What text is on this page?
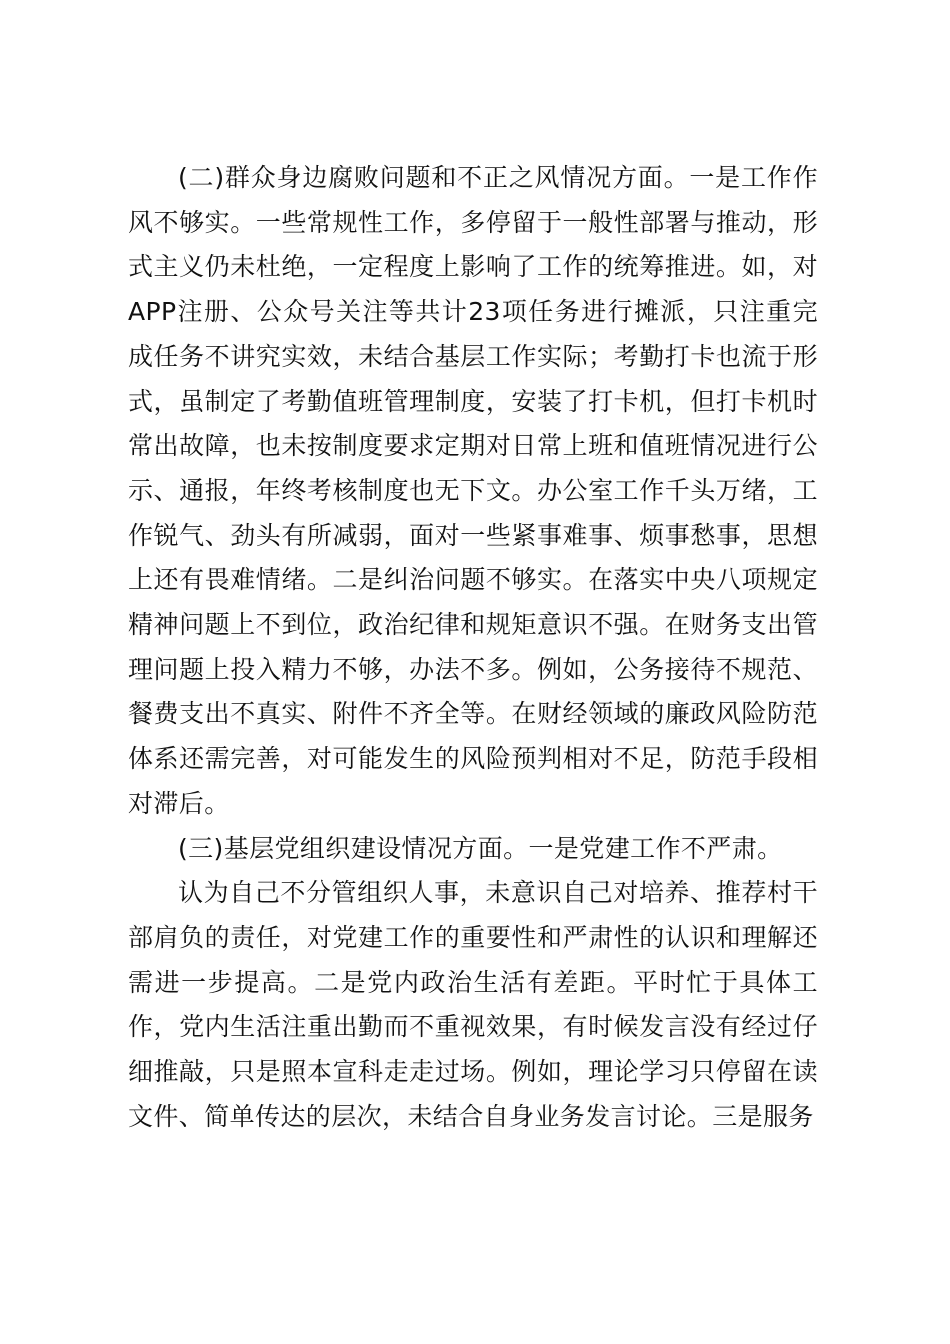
(二)群众身边腐败问题和不正之风情况方面。一是工作作风不够实。一些常规性工作，多停留于一般性部署与推动，形式主义仍未杜绝，一定程度上影响了工作的统筹推进。如，对APP注册、公众号关注等共计23项任务进行摊派，只注重完成任务不讲究实效，未结合基层工作实际；考勤打卡也流于形式，虽制定了考勤值班管理制度，安装了打卡机，但打卡机时常出故障，也未按制度要求定期对日常上班和值班情况进行公示、通报，年终考核制度也无下文。办公室工作千头万绪，工作锐气、劲头有所减弱，面对一些紧事难事、烦事愁事，思想上还有畏难情绪。二是纠治问题不够实。在落实中央八项规定精神问题上不到位，政治纪律和规矩意识不强。在财务支出管理问题上投入精力不够，办法不多。例如，公务接待不规范、餐费支出不真实、附件不齐全等。在财经领域的廉政风险防范体系还需完善，对可能发生的风险预判相对不足，防范手段相对滞后。

(三)基层党组织建设情况方面。一是党建工作不严肃。

认为自己不分管组织人事，未意识自己对培养、推荐村干部肩负的责任，对党建工作的重要性和严肃性的认识和理解还需进一步提高。二是党内政治生活有差距。平时忙于具体工作，党内生活注重出勤而不重视效果，有时候发言没有经过仔细推敲，只是照本宣科走走过场。例如，理论学习只停留在读文件、简单传达的层次，未结合自身业务发言讨论。三是服务
